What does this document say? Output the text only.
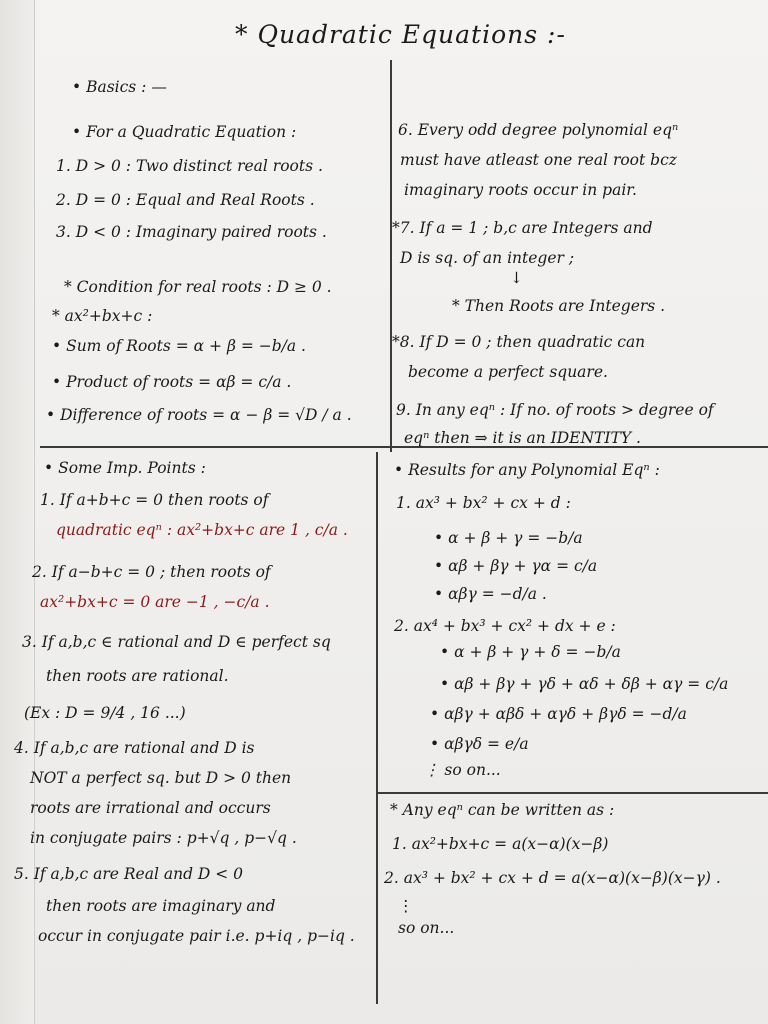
* Quadratic Equations :-
• Basics : —
• For a Quadratic Equation :
1. D > 0 : Two distinct real roots .
2. D = 0 : Equal and Real Roots .
3. D < 0 : Imaginary paired roots .
* Condition for real roots : D ≥ 0 .
* ax²+bx+c :
• Sum of Roots = α + β = −b/a .
• Product of roots = αβ = c/a .
• Difference of roots = α − β = √D / a .
• Some Imp. Points :
1. If a+b+c = 0 then roots of
quadratic eqⁿ : ax²+bx+c are 1 , c/a .
2. If a−b+c = 0 ; then roots of
ax²+bx+c = 0 are −1 , −c/a .
3. If a,b,c ∈ rational and D ∈ perfect sq
then roots are rational.
(Ex : D = 9/4 , 16 ...)
4. If a,b,c are rational and D is
NOT a perfect sq. but D > 0 then
roots are irrational and occurs
in conjugate pairs : p+√q , p−√q .
5. If a,b,c are Real and D < 0
then roots are imaginary and
occur in conjugate pair i.e. p+iq , p−iq .
6. Every odd degree polynomial eqⁿ
must have atleast one real root bcz
imaginary roots occur in pair.
*7. If a = 1 ; b,c are Integers and
D is sq. of an integer ;
↓
* Then Roots are Integers .
*8. If D = 0 ; then quadratic can
become a perfect square.
9. In any eqⁿ : If no. of roots > degree of
eqⁿ then ⇒ it is an IDENTITY .
• Results for any Polynomial Eqⁿ :
1. ax³ + bx² + cx + d :
• α + β + γ = −b/a
• αβ + βγ + γα = c/a
• αβγ = −d/a .
2. ax⁴ + bx³ + cx² + dx + e :
• α + β + γ + δ = −b/a
• αβ + βγ + γδ + αδ + δβ + αγ = c/a
• αβγ + αβδ + αγδ + βγδ = −d/a
• αβγδ = e/a
⋮ so on...
* Any eqⁿ can be written as :
1. ax²+bx+c = a(x−α)(x−β)
2. ax³ + bx² + cx + d = a(x−α)(x−β)(x−γ) .
⋮
so on...
